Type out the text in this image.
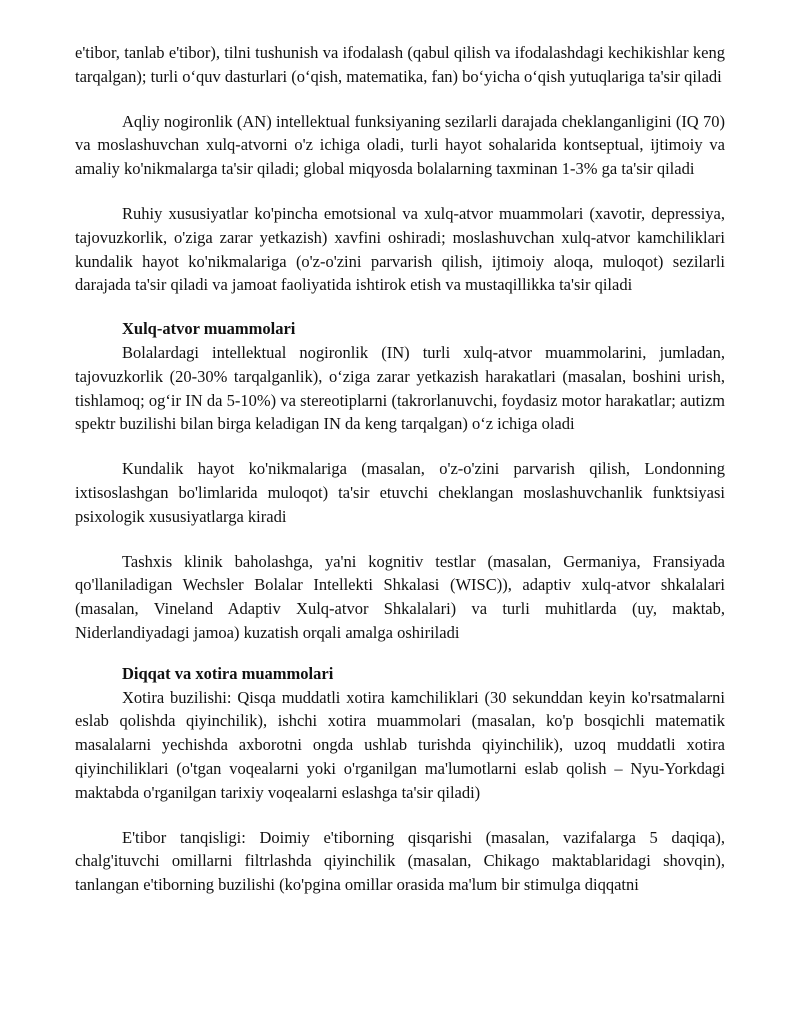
e'tibor, tanlab e'tibor), tilni tushunish va ifodalash (qabul qilish va ifodalashdagi kechikishlar keng tarqalgan); turli o‘quv dasturlari (o‘qish, matematika, fan) bo‘yicha o‘qish yutuqlariga ta'sir qiladi

Aqliy nogironlik (AN) intellektual funksiyaning sezilarli darajada cheklanganligini (IQ 70) va moslashuvchan xulq-atvorni o'z ichiga oladi, turli hayot sohalarida kontseptual, ijtimoiy va amaliy ko'nikmalarga ta'sir qiladi; global miqyosda bolalarning taxminan 1-3% ga ta'sir qiladi

Ruhiy xususiyatlar ko'pincha emotsional va xulq-atvor muammolari (xavotir, depressiya, tajovuzkorlik, o'ziga zarar yetkazish) xavfini oshiradi; moslashuvchan xulq-atvor kamchiliklari kundalik hayot ko'nikmalariga (o'z-o'zini parvarish qilish, ijtimoiy aloqa, muloqot) sezilarli darajada ta'sir qiladi va jamoat faoliyatida ishtirok etish va mustaqillikka ta'sir qiladi

Xulq-atvor muammolari

Bolalardagi intellektual nogironlik (IN) turli xulq-atvor muammolarini, jumladan, tajovuzkorlik (20-30% tarqalganlik), o‘ziga zarar yetkazish harakatlari (masalan, boshini urish, tishlamoq; og‘ir IN da 5-10%) va stereotiplarni (takrorlanuvchi, foydasiz motor harakatlar; autizm spektr buzilishi bilan birga keladigan IN da keng tarqalgan) o‘z ichiga oladi

Kundalik hayot ko'nikmalariga (masalan, o'z-o'zini parvarish qilish, Londonning ixtisoslashgan bo'limlarida muloqot) ta'sir etuvchi cheklangan moslashuvchanlik funktsiyasi psixologik xususiyatlarga kiradi

Tashxis klinik baholashga, ya'ni kognitiv testlar (masalan, Germaniya, Fransiyada qo'llaniladigan Wechsler Bolalar Intellekti Shkalasi (WISC)), adaptiv xulq-atvor shkalalari (masalan, Vineland Adaptiv Xulq-atvor Shkalalari) va turli muhitlarda (uy, maktab, Niderlandiyadagi jamoa) kuzatish orqali amalga oshiriladi

Diqqat va xotira muammolari

Xotira buzilishi: Qisqa muddatli xotira kamchiliklari (30 sekunddan keyin ko'rsatmalarni eslab qolishda qiyinchilik), ishchi xotira muammolari (masalan, ko'p bosqichli matematik masalalarni yechishda axborotni ongda ushlab turishda qiyinchilik), uzoq muddatli xotira qiyinchiliklari (o'tgan voqealarni yoki o'rganilgan ma'lumotlarni eslab qolish – Nyu-Yorkdagi maktabda o'rganilgan tarixiy voqealarni eslashga ta'sir qiladi)

E'tibor tanqisligi: Doimiy e'tiborning qisqarishi (masalan, vazifalarga 5 daqiqa), chalg'ituvchi omillarni filtrlashda qiyinchilik (masalan, Chikago maktablaridagi shovqin), tanlangan e'tiborning buzilishi (ko'pgina omillar orasida ma'lum bir stimulga diqqatni
